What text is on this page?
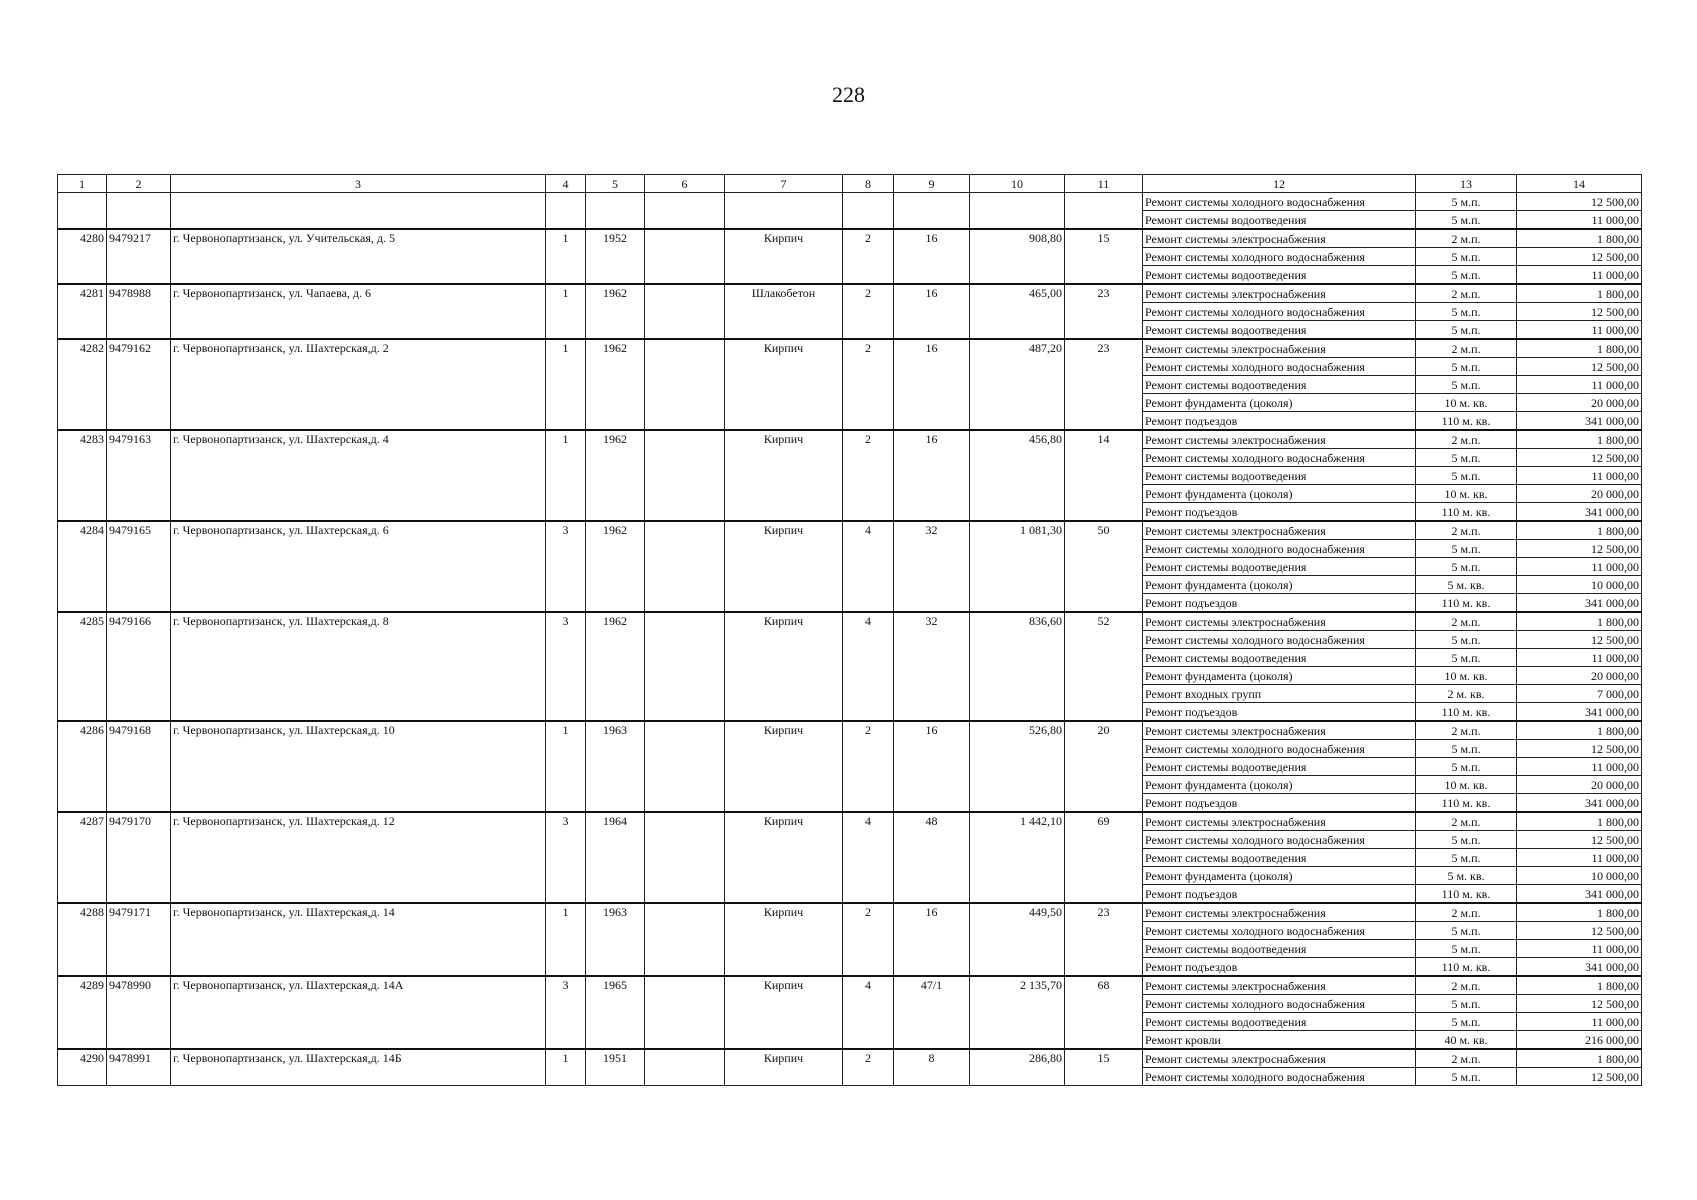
228
1	2	3	4	5	6	7	8	9	10	11	12	13	14
											Ремонт системы холодного водоснабжения	5 м.п.	12 500,00
											Ремонт системы водоотведения	5 м.п.	11 000,00
4280	9479217	г. Червонопартизанск, ул. Учительская, д. 5	1	1952		Кирпич	2	16	908,80	15	Ремонт системы электроснабжения	2 м.п.	1 800,00
											Ремонт системы холодного водоснабжения	5 м.п.	12 500,00
											Ремонт системы водоотведения	5 м.п.	11 000,00
4281	9478988	г. Червонопартизанск, ул. Чапаева, д. 6	1	1962		Шлакобетон	2	16	465,00	23	Ремонт системы электроснабжения	2 м.п.	1 800,00
											Ремонт системы холодного водоснабжения	5 м.п.	12 500,00
											Ремонт системы водоотведения	5 м.п.	11 000,00
4282	9479162	г. Червонопартизанск, ул. Шахтерская,д. 2	1	1962		Кирпич	2	16	487,20	23	Ремонт системы электроснабжения	2 м.п.	1 800,00
											Ремонт системы холодного водоснабжения	5 м.п.	12 500,00
											Ремонт системы водоотведения	5 м.п.	11 000,00
											Ремонт фундамента (цоколя)	10 м. кв.	20 000,00
											Ремонт подъездов	110 м. кв.	341 000,00
4283	9479163	г. Червонопартизанск, ул. Шахтерская,д. 4	1	1962		Кирпич	2	16	456,80	14	Ремонт системы электроснабжения	2 м.п.	1 800,00
											Ремонт системы холодного водоснабжения	5 м.п.	12 500,00
											Ремонт системы водоотведения	5 м.п.	11 000,00
											Ремонт фундамента (цоколя)	10 м. кв.	20 000,00
											Ремонт подъездов	110 м. кв.	341 000,00
4284	9479165	г. Червонопартизанск, ул. Шахтерская,д. 6	3	1962		Кирпич	4	32	1 081,30	50	Ремонт системы электроснабжения	2 м.п.	1 800,00
											Ремонт системы холодного водоснабжения	5 м.п.	12 500,00
											Ремонт системы водоотведения	5 м.п.	11 000,00
											Ремонт фундамента (цоколя)	5 м. кв.	10 000,00
											Ремонт подъездов	110 м. кв.	341 000,00
4285	9479166	г. Червонопартизанск, ул. Шахтерская,д. 8	3	1962		Кирпич	4	32	836,60	52	Ремонт системы электроснабжения	2 м.п.	1 800,00
											Ремонт системы холодного водоснабжения	5 м.п.	12 500,00
											Ремонт системы водоотведения	5 м.п.	11 000,00
											Ремонт фундамента (цоколя)	10 м. кв.	20 000,00
											Ремонт входных групп	2 м. кв.	7 000,00
											Ремонт подъездов	110 м. кв.	341 000,00
4286	9479168	г. Червонопартизанск, ул. Шахтерская,д. 10	1	1963		Кирпич	2	16	526,80	20	Ремонт системы электроснабжения	2 м.п.	1 800,00
											Ремонт системы холодного водоснабжения	5 м.п.	12 500,00
											Ремонт системы водоотведения	5 м.п.	11 000,00
											Ремонт фундамента (цоколя)	10 м. кв.	20 000,00
											Ремонт подъездов	110 м. кв.	341 000,00
4287	9479170	г. Червонопартизанск, ул. Шахтерская,д. 12	3	1964		Кирпич	4	48	1 442,10	69	Ремонт системы электроснабжения	2 м.п.	1 800,00
											Ремонт системы холодного водоснабжения	5 м.п.	12 500,00
											Ремонт системы водоотведения	5 м.п.	11 000,00
											Ремонт фундамента (цоколя)	5 м. кв.	10 000,00
											Ремонт подъездов	110 м. кв.	341 000,00
4288	9479171	г. Червонопартизанск, ул. Шахтерская,д. 14	1	1963		Кирпич	2	16	449,50	23	Ремонт системы электроснабжения	2 м.п.	1 800,00
											Ремонт системы холодного водоснабжения	5 м.п.	12 500,00
											Ремонт системы водоотведения	5 м.п.	11 000,00
											Ремонт подъездов	110 м. кв.	341 000,00
4289	9478990	г. Червонопартизанск, ул. Шахтерская,д. 14А	3	1965		Кирпич	4	47/1	2 135,70	68	Ремонт системы электроснабжения	2 м.п.	1 800,00
											Ремонт системы холодного водоснабжения	5 м.п.	12 500,00
											Ремонт системы водоотведения	5 м.п.	11 000,00
											Ремонт кровли	40 м. кв.	216 000,00
4290	9478991	г. Червонопартизанск, ул. Шахтерская,д. 14Б	1	1951		Кирпич	2	8	286,80	15	Ремонт системы электроснабжения	2 м.п.	1 800,00
											Ремонт системы холодного водоснабжения	5 м.п.	12 500,00
